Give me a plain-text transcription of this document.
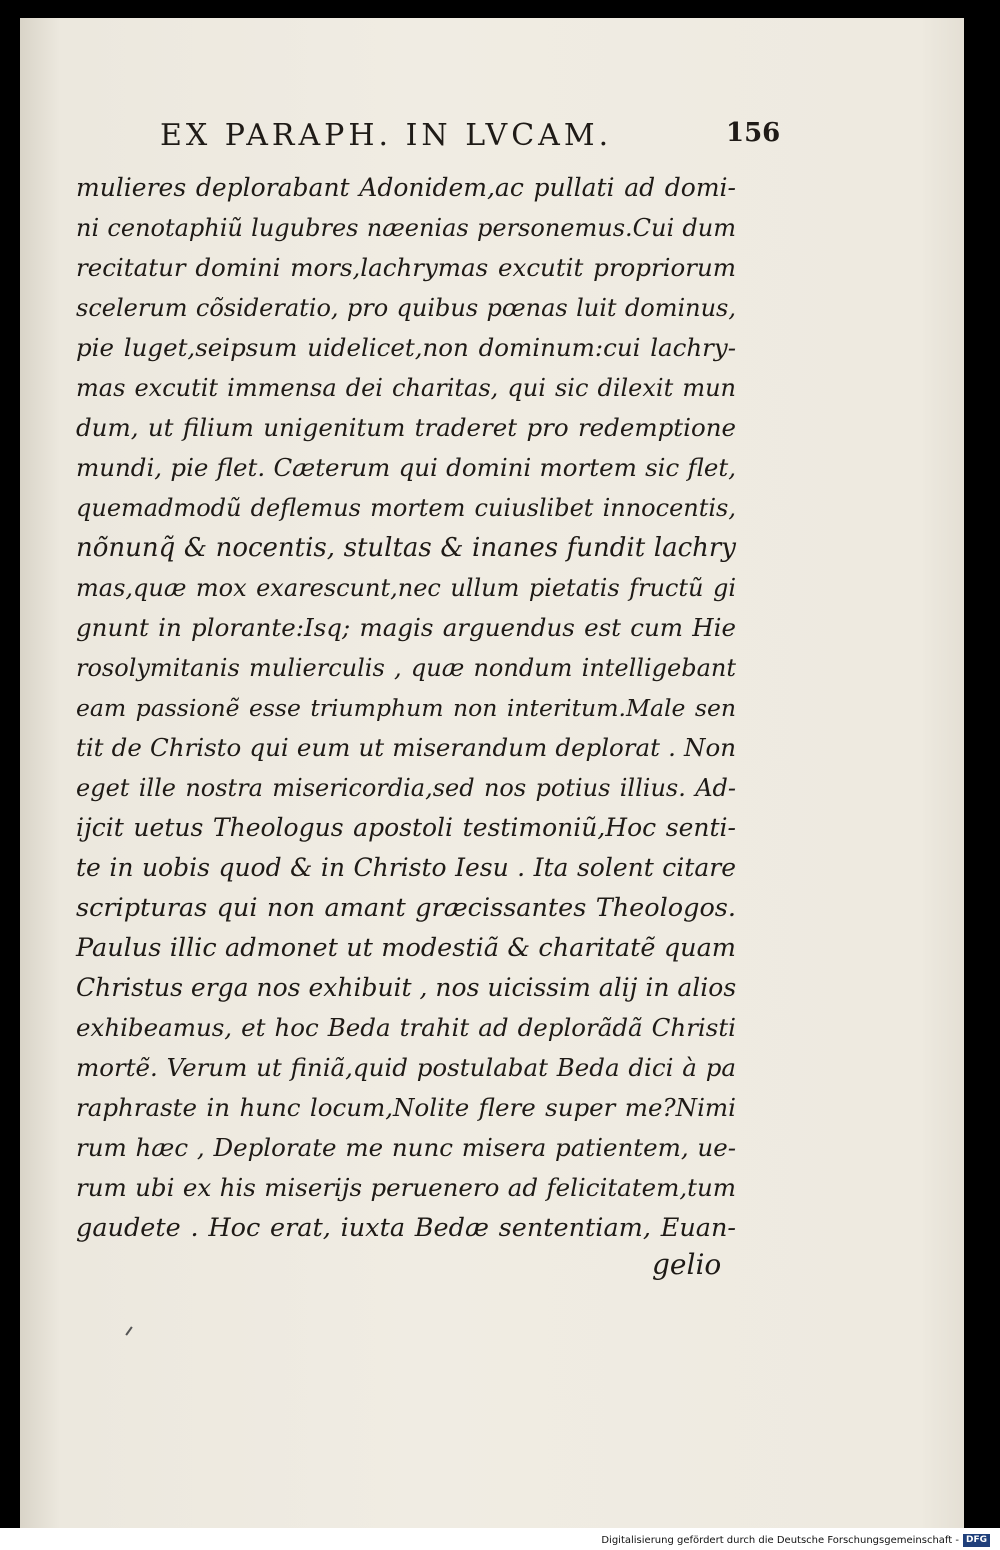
EX PARAPH. IN LVCAM.	156
mulieres deplorabant Adonidem,ac pullati ad domi-
ni cenotaphiũ lugubres næenias personemus.Cui dum
recitatur domini mors,lachrymas excutit propriorum
scelerum cõsideratio, pro quibus pœnas luit dominus,
pie luget,seipsum uidelicet,non dominum:cui lachry-
mas excutit immensa dei charitas, qui sic dilexit mun
dum, ut filium unigenitum traderet pro redemptione
mundi, pie flet. Cæterum qui domini mortem sic flet,
quemadmodũ deflemus mortem cuiuslibet innocentis,
nõnunq̃ & nocentis, stultas & inanes fundit lachry
mas,quæ mox exarescunt,nec ullum pietatis fructũ gi
gnunt in plorante:Isq; magis arguendus est cum Hie
rosolymitanis mulierculis , quæ nondum intelligebant
eam passionẽ esse triumphum non interitum.Male sen
tit de Christo qui eum ut miserandum deplorat . Non
eget ille nostra misericordia,sed nos potius illius. Ad-
ijcit uetus Theologus apostoli testimoniũ,Hoc senti-
te in uobis quod & in Christo Iesu . Ita solent citare
scripturas qui non amant græcissantes Theologos.
Paulus illic admonet ut modestiã & charitatẽ quam
Christus erga nos exhibuit , nos uicissim alij in alios
exhibeamus, et hoc Beda trahit ad deplorãdã Christi
mortẽ. Verum ut finiã,quid postulabat Beda dici à pa
raphraste in hunc locum,Nolite flere super me?Nimi
rum hæc , Deplorate me nunc misera patientem, ue-
rum ubi ex his miserijs peruenero ad felicitatem,tum
gaudete . Hoc erat, iuxta Bedæ sententiam, Euan-
gelio
Digitalisierung gefördert durch die Deutsche Forschungsgemeinschaft - DFG
